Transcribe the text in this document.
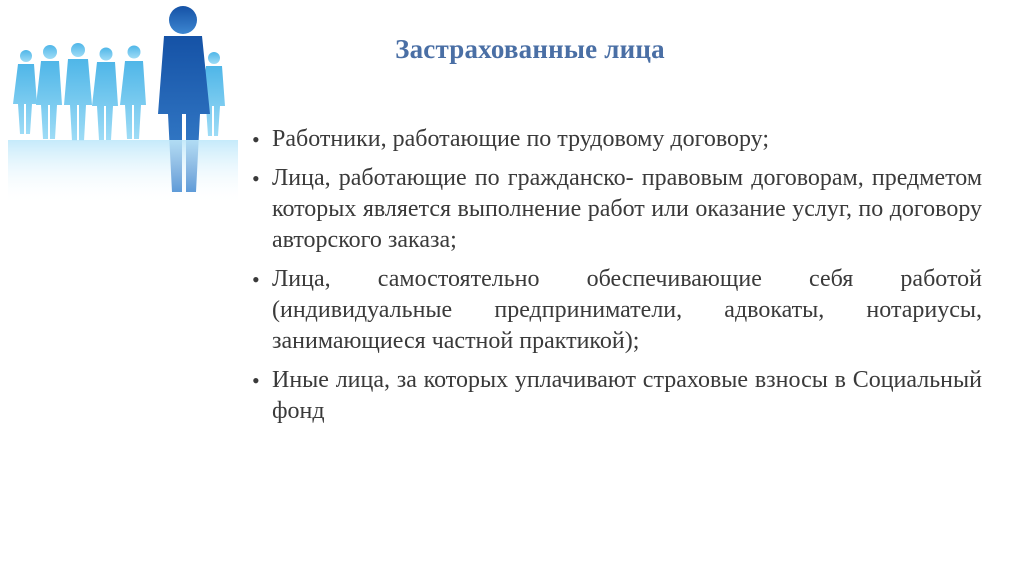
Застрахованные лица
• Работники, работающие по трудовому договору;
• Лица, работающие по гражданско- правовым договорам, предметом которых является выполнение работ или оказание услуг, по договору авторского заказа;
• Лица, самостоятельно обеспечивающие себя работой (индивидуальные предприниматели, адвокаты, нотариусы, занимающиеся частной практикой);
• Иные лица, за которых уплачивают страховые взносы в Социальный фонд
